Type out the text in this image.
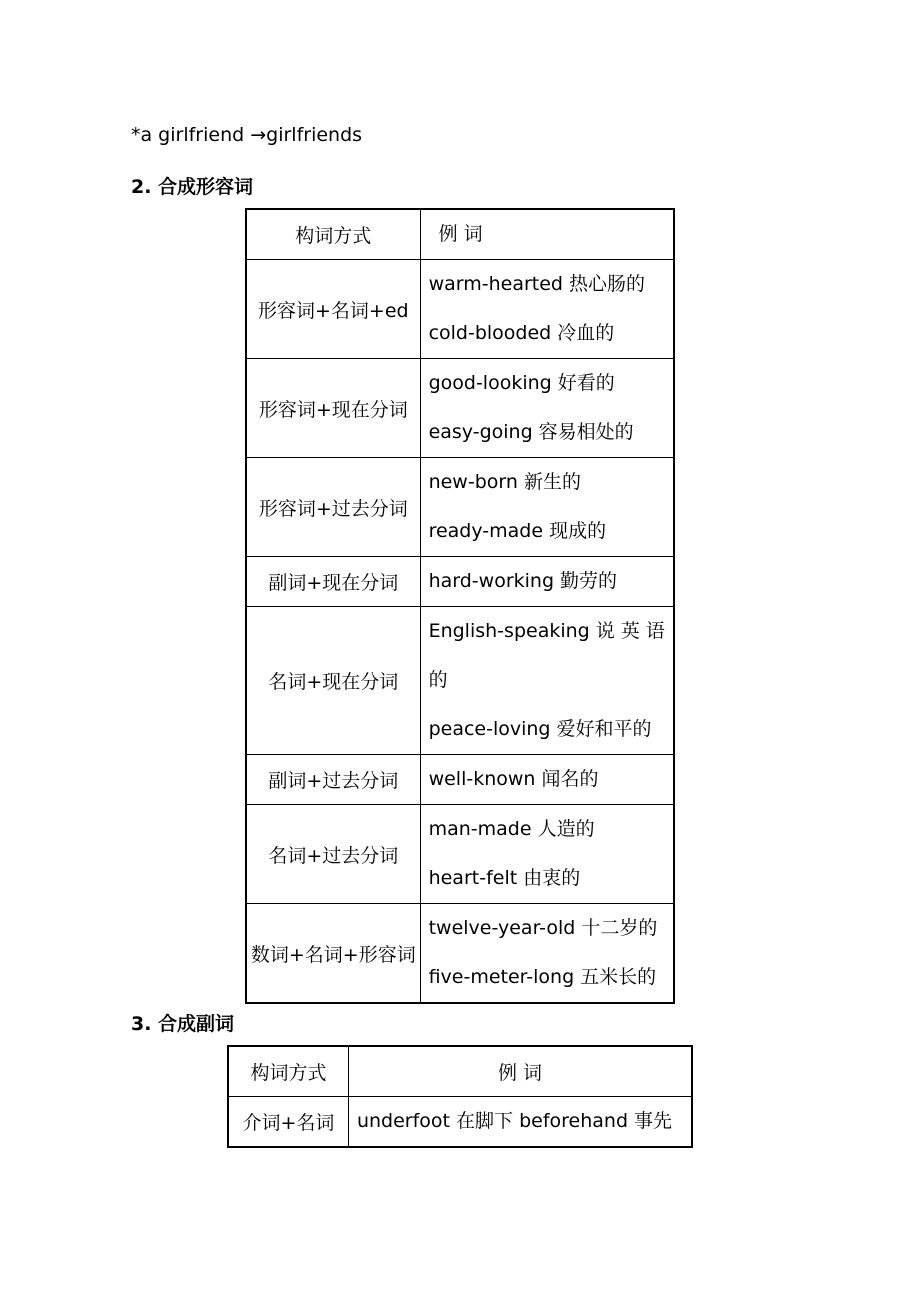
*a girlfriend →girlfriends
2. 合成形容词
构词方式	例 词
形容词+名词+ed	warm-hearted 热心肠的
cold-blooded 冷血的

形容词+现在分词	good-looking 好看的
easy-going 容易相处的

形容词+过去分词	new-born 新生的
ready-made 现成的

副词+现在分词	hard-working 勤劳的

名词+现在分词	English-speaking 说 英 语
的
peace-loving 爱好和平的

副词+过去分词	well-known 闻名的

名词+过去分词	man-made 人造的
heart-felt 由衷的

数词+名词+形容词	twelve-year-old 十二岁的
five-meter-long 五米长的
3. 合成副词
构词方式	例 词
介词+名词	underfoot 在脚下 beforehand 事先
